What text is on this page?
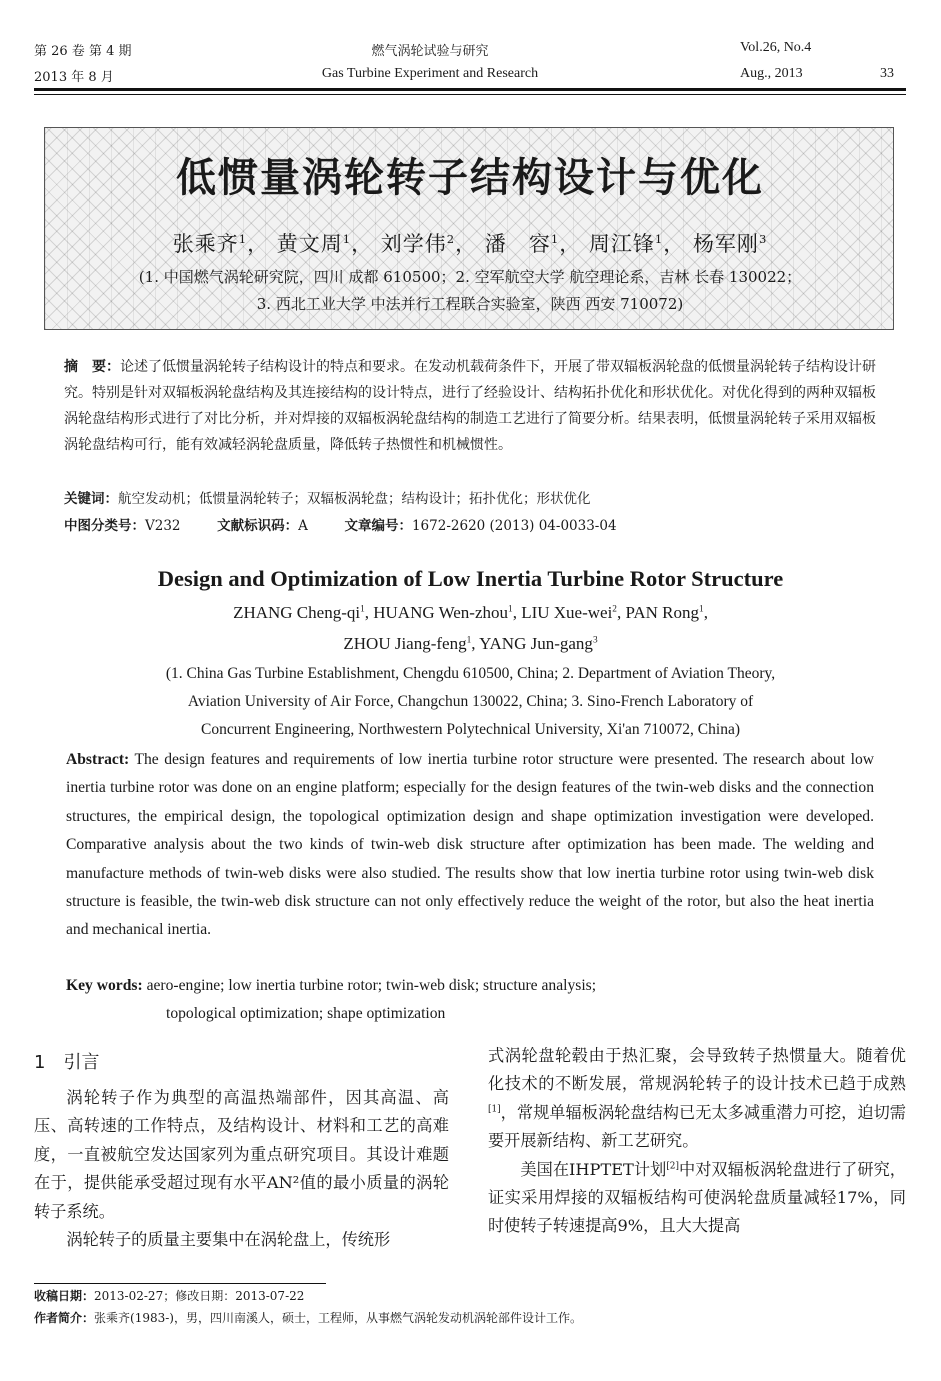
第 26 卷 第 4 期
2013 年 8 月
燃气涡轮试验与研究
Gas Turbine Experiment and Research
Vol.26, No.4
Aug., 2013	33
低惯量涡轮转子结构设计与优化
张乘齐$^1$， 黄文周$^1$， 刘学伟$^2$， 潘　容$^1$， 周江锋$^1$， 杨军刚$^3$
(1. 中国燃气涡轮研究院，四川 成都 610500；2. 空军航空大学 航空理论系，吉林 长春 130022；
3. 西北工业大学 中法并行工程联合实验室，陕西 西安 710072)
摘　要：论述了低惯量涡轮转子结构设计的特点和要求。在发动机载荷条件下，开展了带双辐板涡轮盘的低惯量涡轮转子结构设计研究。特别是针对双辐板涡轮盘结构及其连接结构的设计特点，进行了经验设计、结构拓扑优化和形状优化。对优化得到的两种双辐板涡轮盘结构形式进行了对比分析，并对焊接的双辐板涡轮盘结构的制造工艺进行了简要分析。结果表明，低惯量涡轮转子采用双辐板涡轮盘结构可行，能有效减轻涡轮盘质量，降低转子热惯性和机械惯性。
关键词：航空发动机；低惯量涡轮转子；双辐板涡轮盘；结构设计；拓扑优化；形状优化
中图分类号：V232	文献标识码：A	文章编号：1672-2620 (2013) 04-0033-04
Design and Optimization of Low Inertia Turbine Rotor Structure
ZHANG Cheng-$qi^1$, HUANG Wen-zhou$^1$, LIU Xue-wei$^2$, PAN Rong$^1$,
ZHOU Jiang-feng$^1$, YANG Jun-gang$^3$
(1. China Gas Turbine Establishment, Chengdu 610500, China; 2. Department of Aviation Theory,
Aviation University of Air Force, Changchun 130022, China; 3. Sino-French Laboratory of
Concurrent Engineering, Northwestern Polytechnical University, Xi'an 710072, China)
Abstract: The design features and requirements of low inertia turbine rotor structure were presented. The research about low inertia turbine rotor was done on an engine platform; especially for the design features of the twin-web disks and the connection structures, the empirical design, the topological optimization design and shape optimization investigation were developed. Comparative analysis about the two kinds of twin-web disk structure after optimization has been made. The welding and manufacture methods of twin-web disks were also studied. The results show that low inertia turbine rotor using twin-web disk structure is feasible, the twin-web disk structure can not only effectively reduce the weight of the rotor, but also the heat inertia and mechanical inertia.
Key words: aero-engine; low inertia turbine rotor; twin-web disk; structure analysis;
topological optimization; shape optimization
1　引言

涡轮转子作为典型的高温热端部件，因其高温、高压、高转速的工作特点，及结构设计、材料和工艺的高难度，一直被航空发达国家列为重点研究项目。其设计难题在于，提供能承受超过现有水平AN²值的最小质量的涡轮转子系统。

涡轮转子的质量主要集中在涡轮盘上，传统形

式涡轮盘轮毂由于热汇聚，会导致转子热惯量大。随着优化技术的不断发展，常规涡轮转子的设计技术已趋于成熟[1]，常规单辐板涡轮盘结构已无太多减重潜力可挖，迫切需要开展新结构、新工艺研究。

美国在IHPTET计划[2]中对双辐板涡轮盘进行了研究，证实采用焊接的双辐板结构可使涡轮盘质量减轻17%，同时使转子转速提高9%，且大大提高

收稿日期：2013-02-27；修改日期：2013-07-22
作者简介：张乘齐(1983-)，男，四川南溪人，硕士，工程师，从事燃气涡轮发动机涡轮部件设计工作。
